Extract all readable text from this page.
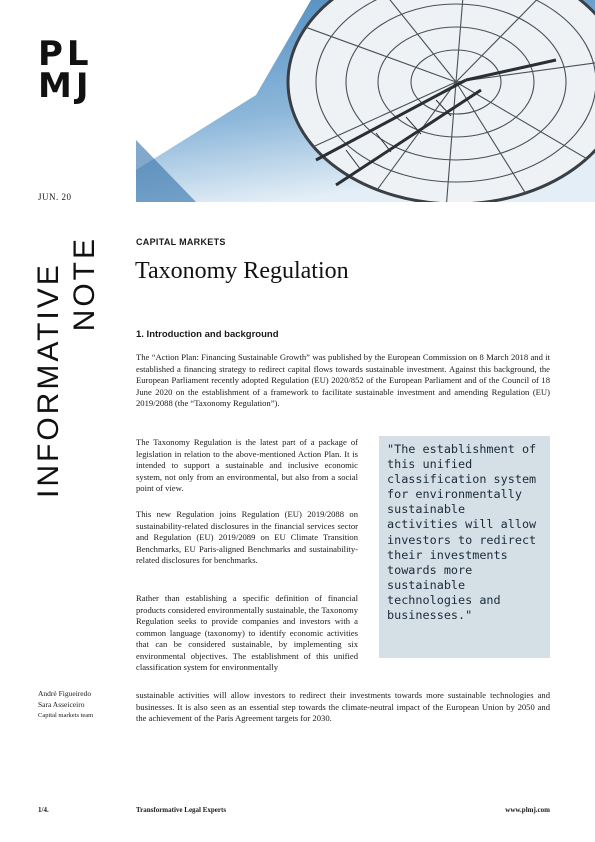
PL
MJ
JUN. 20
INFORMATIVE NOTE	CAPITAL MARKETS
Taxonomy Regulation
1. Introduction and background

The “Action Plan: Financing Sustainable Growth” was published by the European Commission on 8 March 2018 and it established a financing strategy to redirect capital flows towards sustainable investment. Against this background, the European Parliament recently adopted Regulation (EU) 2020/852 of the European Parliament and of the Council of 18 June 2020 on the establishment of a framework to facilitate sustainable investment and amending Regulation (EU) 2019/2088 (the “Taxonomy Regulation”).

The Taxonomy Regulation is the latest part of a package of legislation in relation to the above-mentioned Action Plan. It is intended to support a sustainable and inclusive economic system, not only from an environmental, but also from a social point of view.

This new Regulation joins Regulation (EU) 2019/2088 on sustainability-related disclosures in the financial services sector and Regulation (EU) 2019/2089 on EU Climate Transition Benchmarks, EU Paris-aligned Benchmarks and sustainability-related disclosures for benchmarks.

Rather than establishing a specific definition of financial products considered environmentally sustainable, the Taxonomy Regulation seeks to provide companies and investors with a common language (taxonomy) to identify economic activities that can be considered sustainable, by implementing six environmental objectives. The establishment of this unified classification system for environmentally

sustainable activities will allow investors to redirect their investments towards more sustainable technologies and businesses. It is also seen as an essential step towards the climate-neutral impact of the European Union by 2050 and the achievement of the Paris Agreement targets for 2030.

"The establishment of this unified classification system for environmentally sustainable activities will allow investors to redirect their investments towards more sustainable technologies and businesses."

André Figueiredo
Sara Asseiceiro
Capital markets team
1/4.	Transformative Legal Experts	www.plmj.com
